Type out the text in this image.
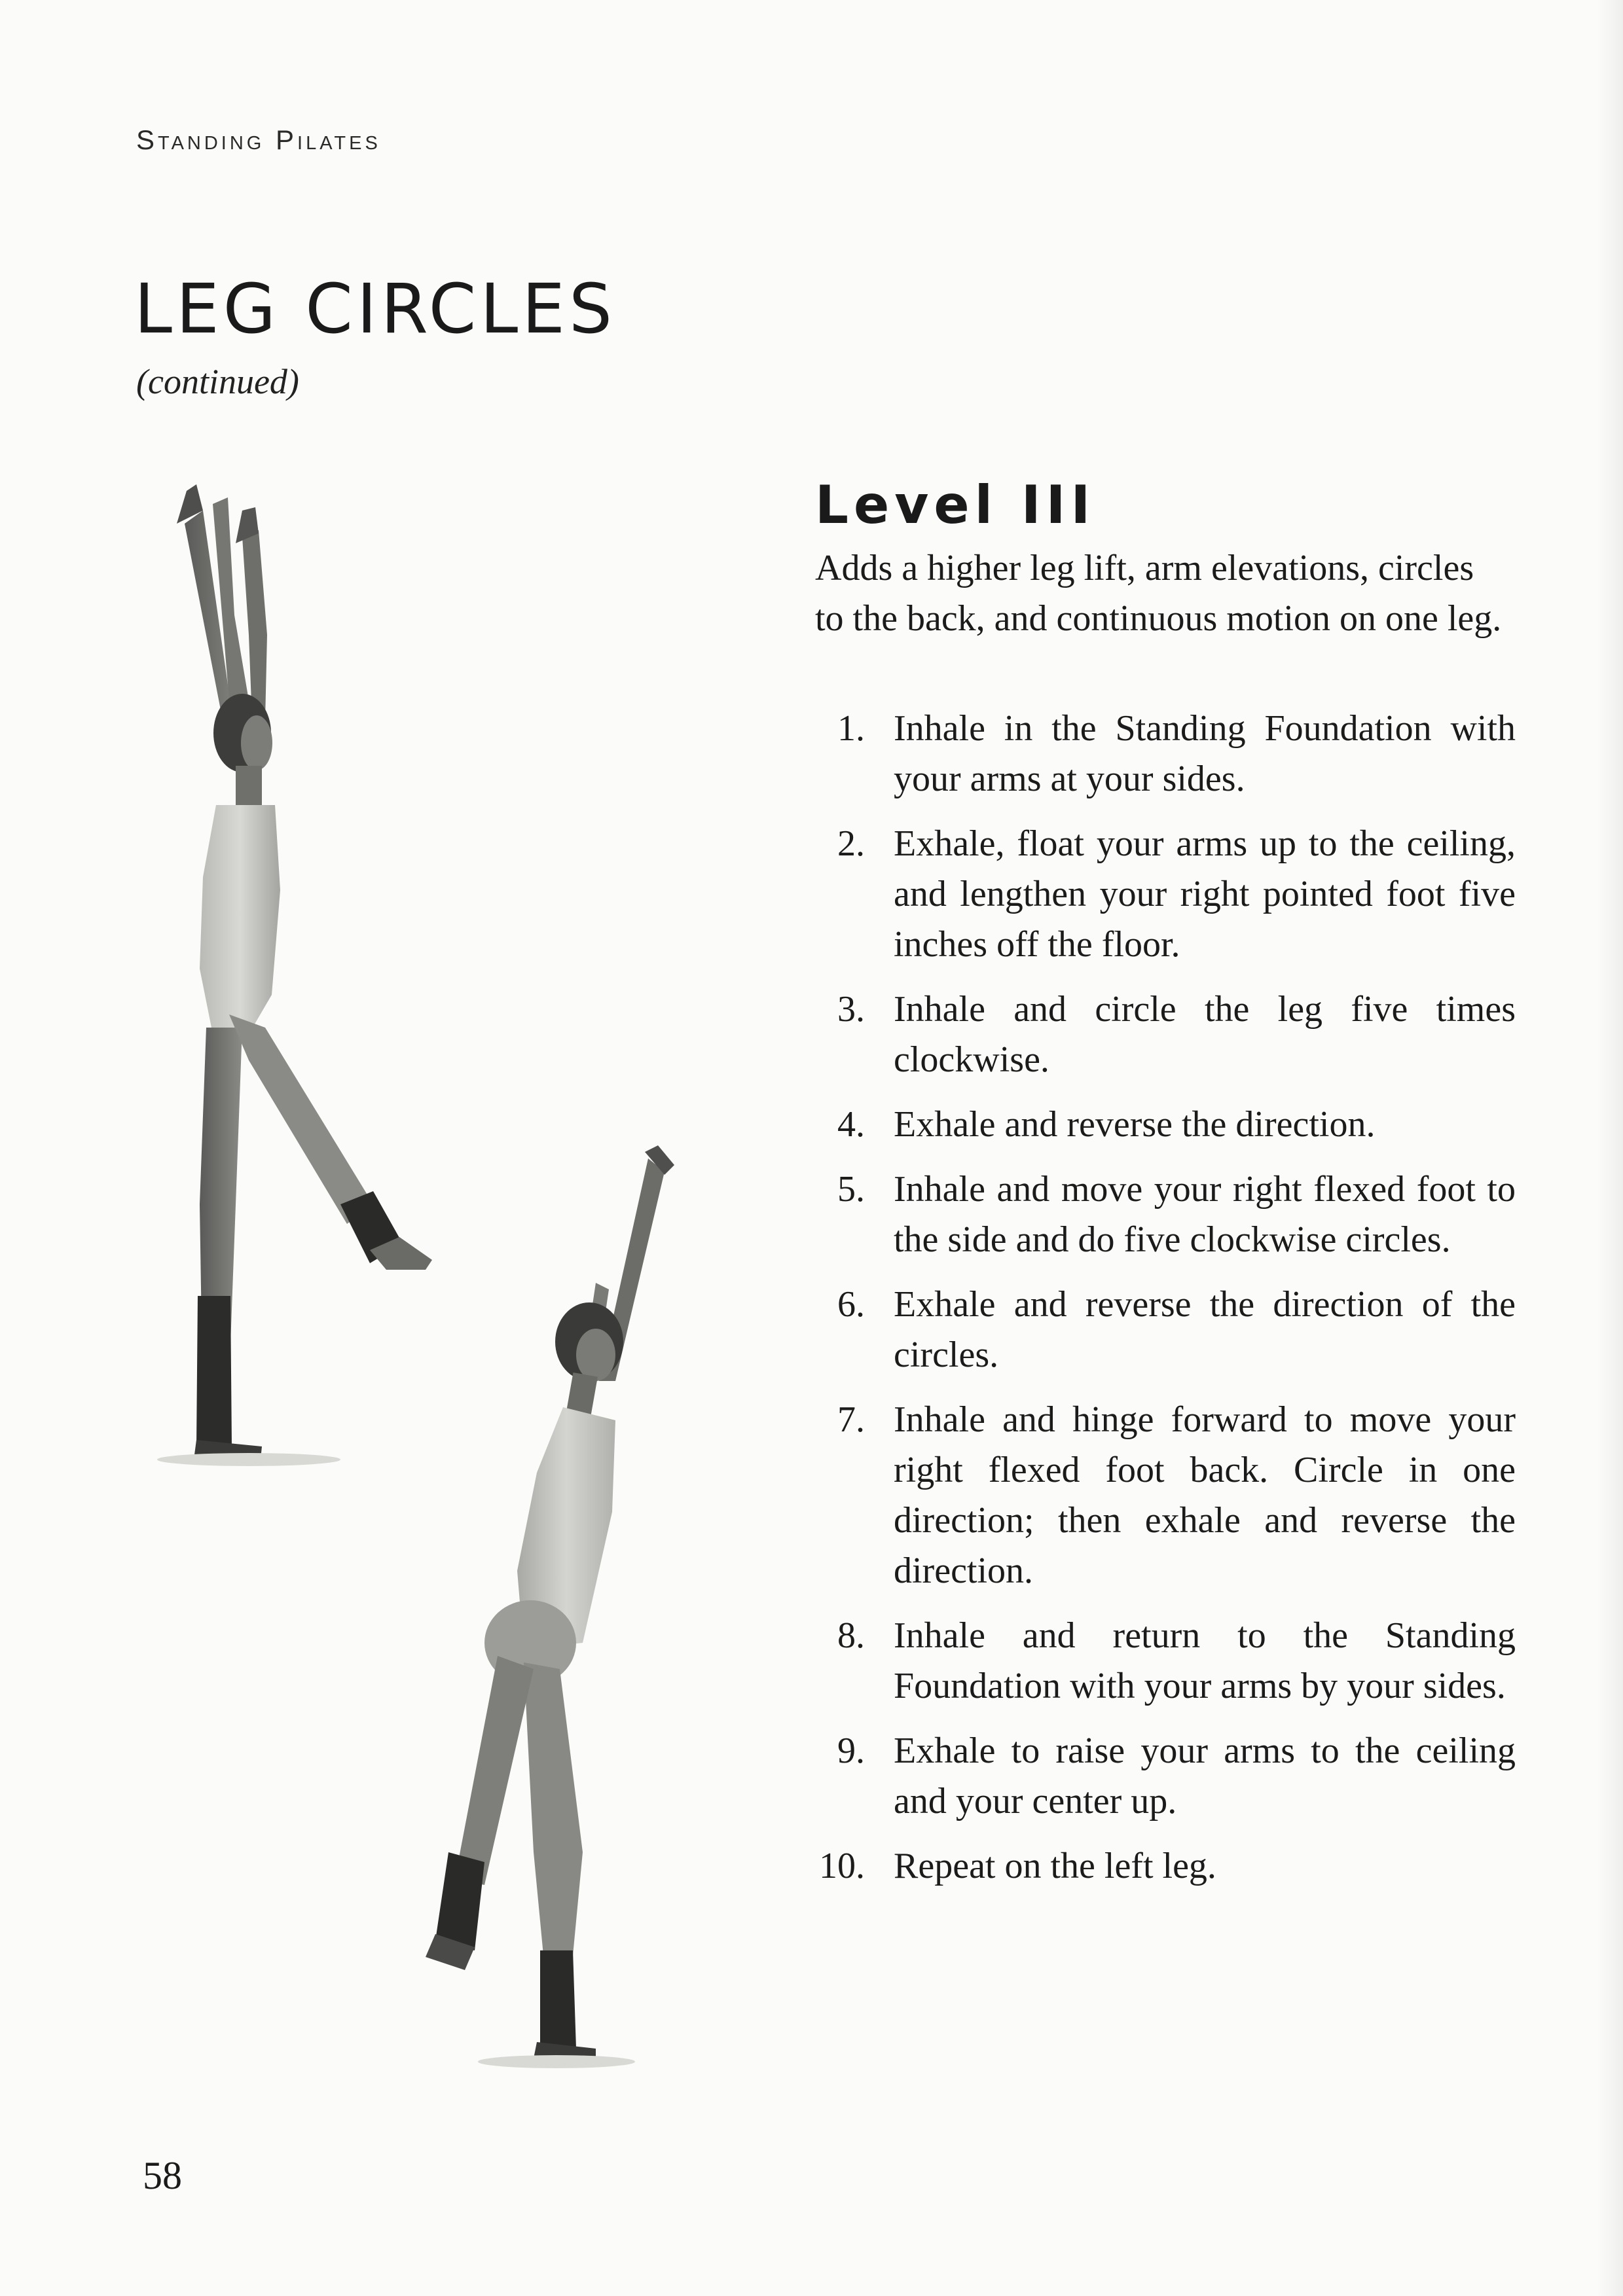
Standing Pilates
LEG CIRCLES
(continued)
Level III

Adds a higher leg lift, arm elevations, circles to the back, and continuous motion on one leg.

1. Inhale in the Standing Foundation with your arms at your sides.
2. Exhale, float your arms up to the ceiling, and lengthen your right pointed foot five inches off the floor.
3. Inhale and circle the leg five times clockwise.
4. Exhale and reverse the direction.
5. Inhale and move your right flexed foot to the side and do five clockwise circles.
6. Exhale and reverse the direction of the circles.
7. Inhale and hinge forward to move your right flexed foot back. Circle in one direction; then exhale and reverse the direction.
8. Inhale and return to the Standing Foundation with your arms by your sides.
9. Exhale to raise your arms to the ceiling and your center up.
10. Repeat on the left leg.
58
